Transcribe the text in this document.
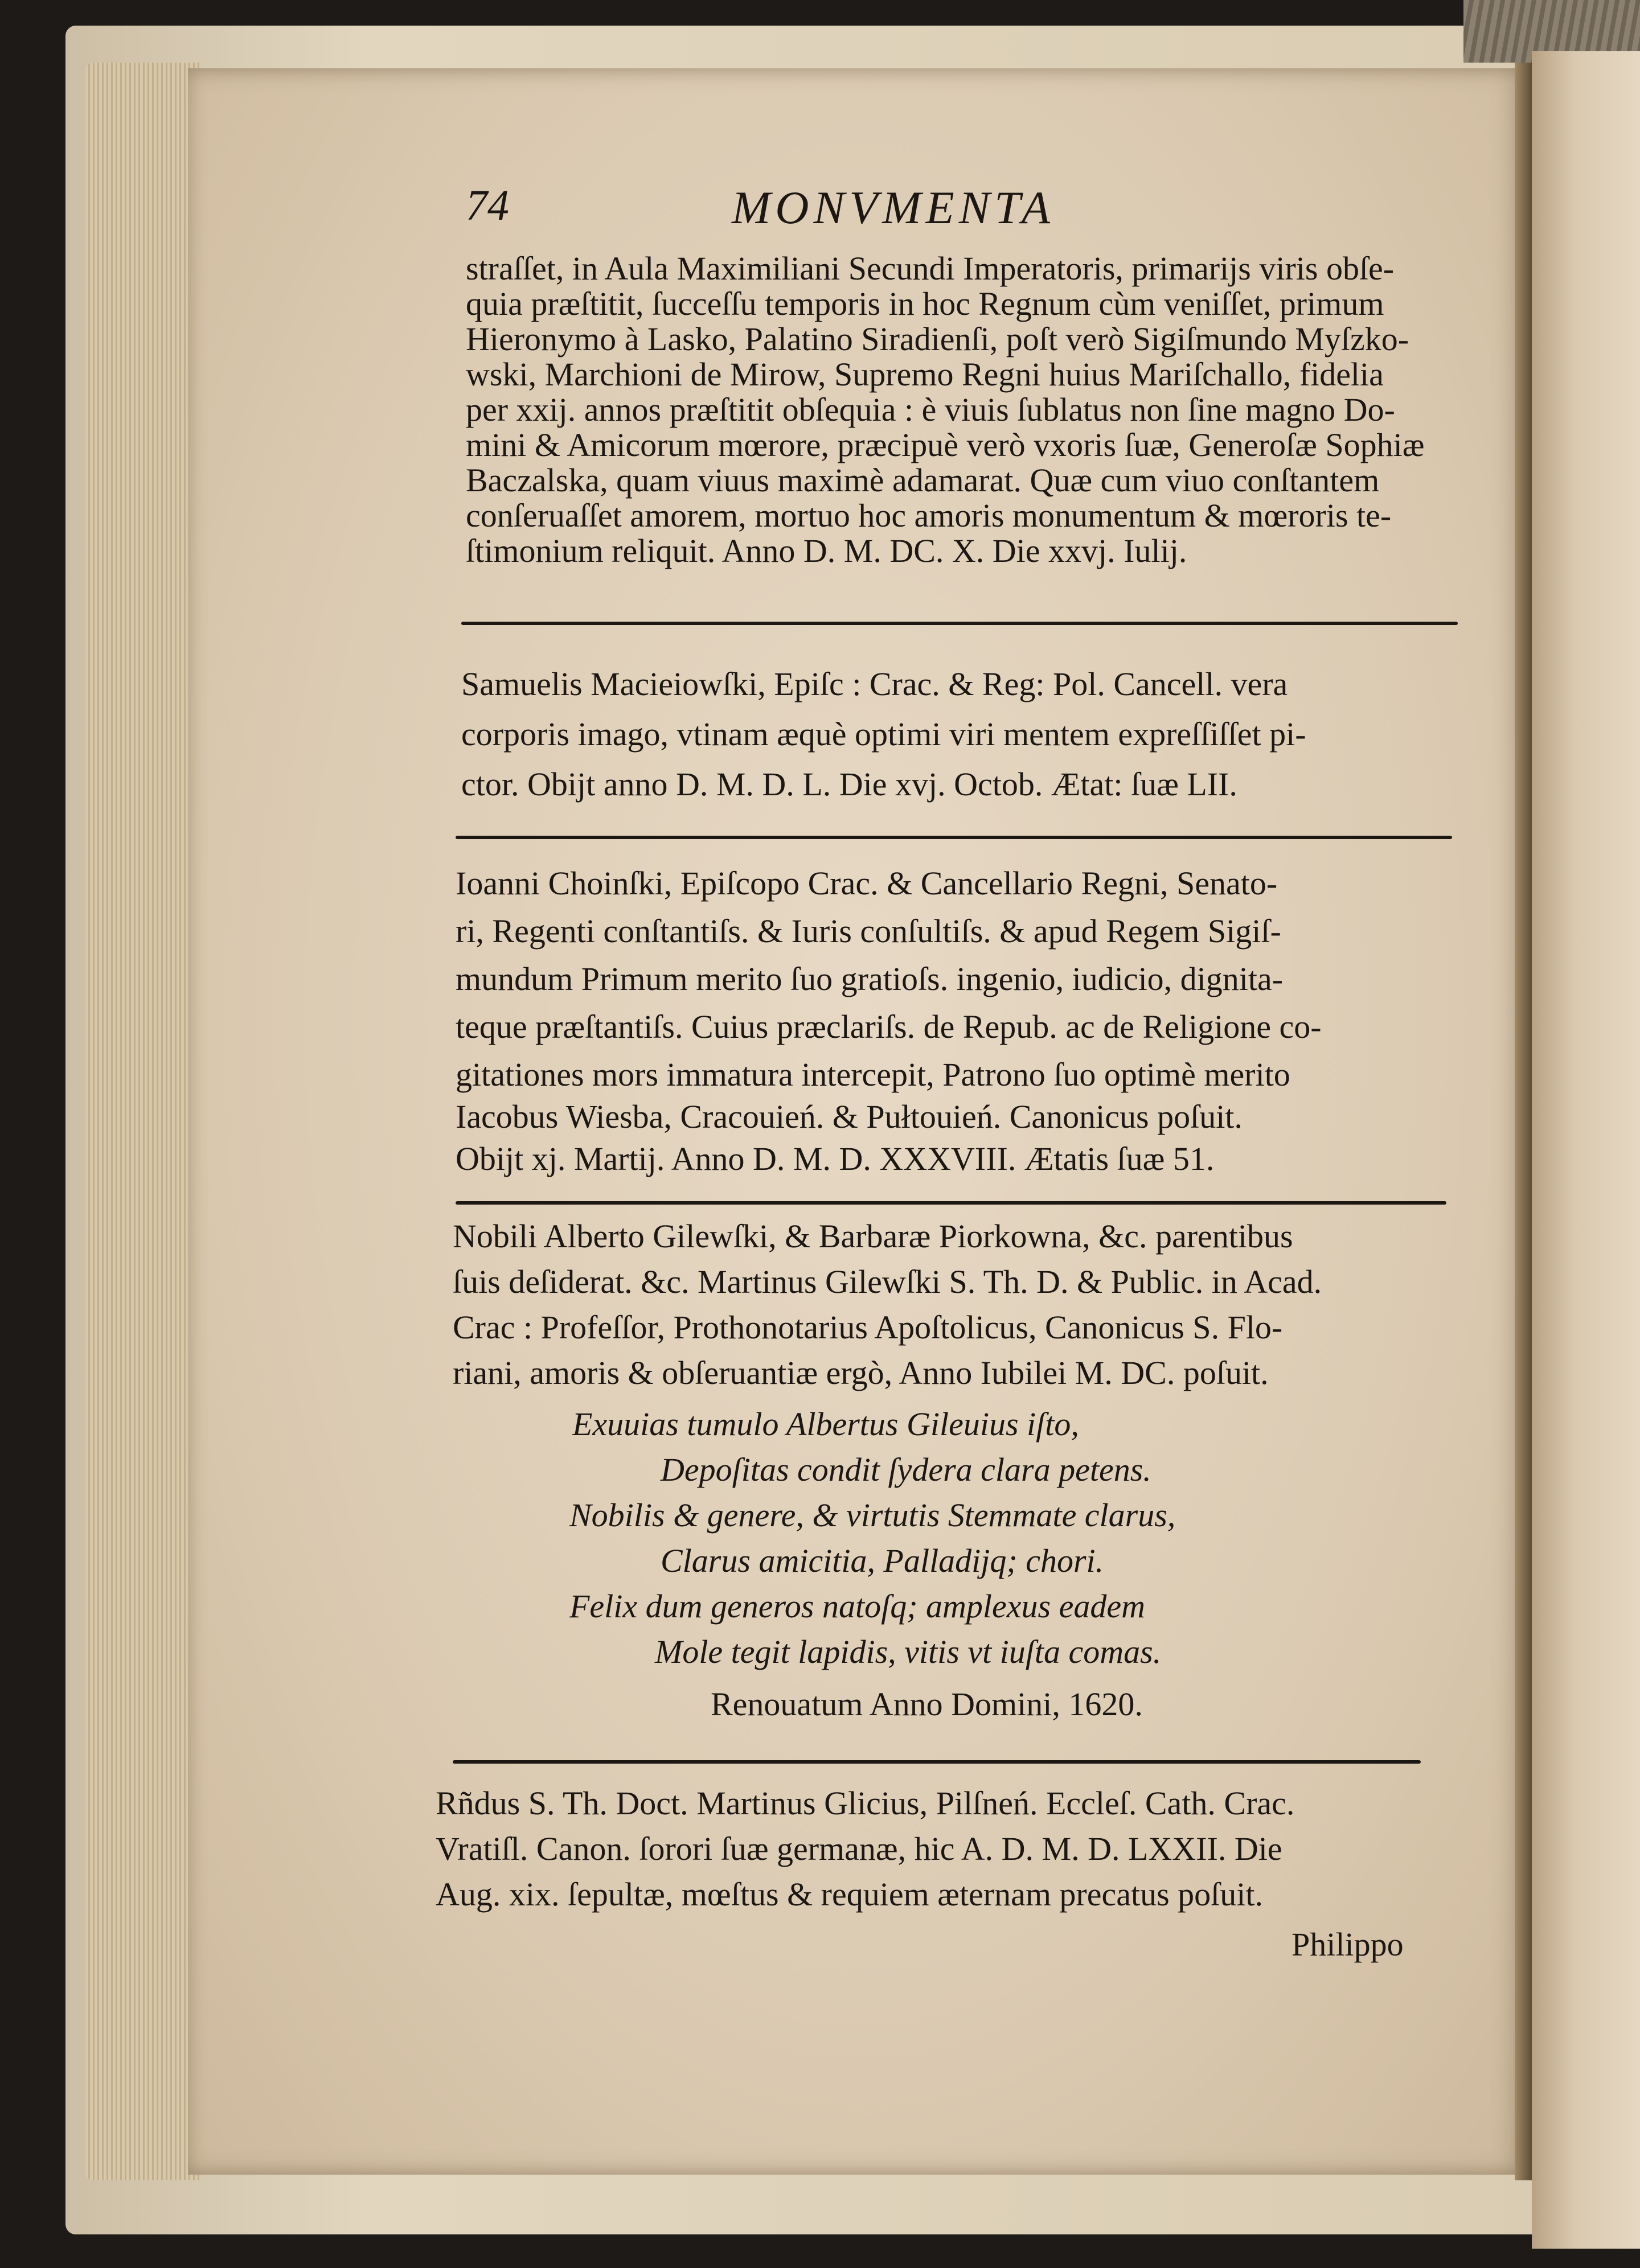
74	MONVMENTA
straſſet, in Aula Maximiliani Secundi Imperatoris, primarijs viris obſe-
quia præſtitit, ſucceſſu temporis in hoc Regnum cùm veniſſet, primum
Hieronymo à Lasko, Palatino Siradienſi, poſt verò Sigiſmundo Myſzko-
wski, Marchioni de Mirow, Supremo Regni huius Mariſchallo, fidelia
per xxij. annos præſtitit obſequia : è viuis ſublatus non ſine magno Do-
mini & Amicorum mœrore, præcipuè verò vxoris ſuæ, Generoſæ Sophiæ
Baczalska, quam viuus maximè adamarat. Quæ cum viuo conſtantem
conſeruaſſet amorem, mortuo hoc amoris monumentum & mœroris te-
ſtimonium reliquit. Anno D. M. DC. X. Die xxvj. Iulij.
Samuelis Macieiowſki, Epiſc : Crac. & Reg: Pol. Cancell. vera
corporis imago, vtinam æquè optimi viri mentem expreſſiſſet pi-
ctor. Obijt anno D. M. D. L. Die xvj. Octob. Ætat: ſuæ LII.
Ioanni Choinſki, Epiſcopo Crac. & Cancellario Regni, Senato-
ri, Regenti conſtantiſs. & Iuris conſultiſs. & apud Regem Sigiſ-
mundum Primum merito ſuo gratioſs. ingenio, iudicio, dignita-
teque præſtantiſs. Cuius præclariſs. de Repub. ac de Religione co-
gitationes mors immatura intercepit, Patrono ſuo optimè merito
Iacobus Wiesba, Cracouień. & Pułtouień. Canonicus poſuit.
Obijt xj. Martij. Anno D. M. D. XXXVIII. Ætatis ſuæ 51.
Nobili Alberto Gilewſki, & Barbaræ Piorkowna, &c. parentibus
ſuis deſiderat. &c. Martinus Gilewſki S. Th. D. & Public. in Acad.
Crac : Profeſſor, Prothonotarius Apoſtolicus, Canonicus S. Flo-
riani, amoris & obſeruantiæ ergò, Anno Iubilei M. DC. poſuit.
Exuuias tumulo Albertus Gileuius iſto,
Depoſitas condit ſydera clara petens.
Nobilis & genere, & virtutis Stemmate clarus,
Clarus amicitia, Palladijq; chori.
Felix dum generos natoſq; amplexus eadem
Mole tegit lapidis, vitis vt iuſta comas.
Renouatum Anno Domini, 1620.
Rñdus S. Th. Doct. Martinus Glicius, Pilſneń. Eccleſ. Cath. Crac.
Vratiſl. Canon. ſorori ſuæ germanæ, hic A. D. M. D. LXXII. Die
Aug. xix. ſepultæ, mœſtus & requiem æternam precatus poſuit.
Philippo
